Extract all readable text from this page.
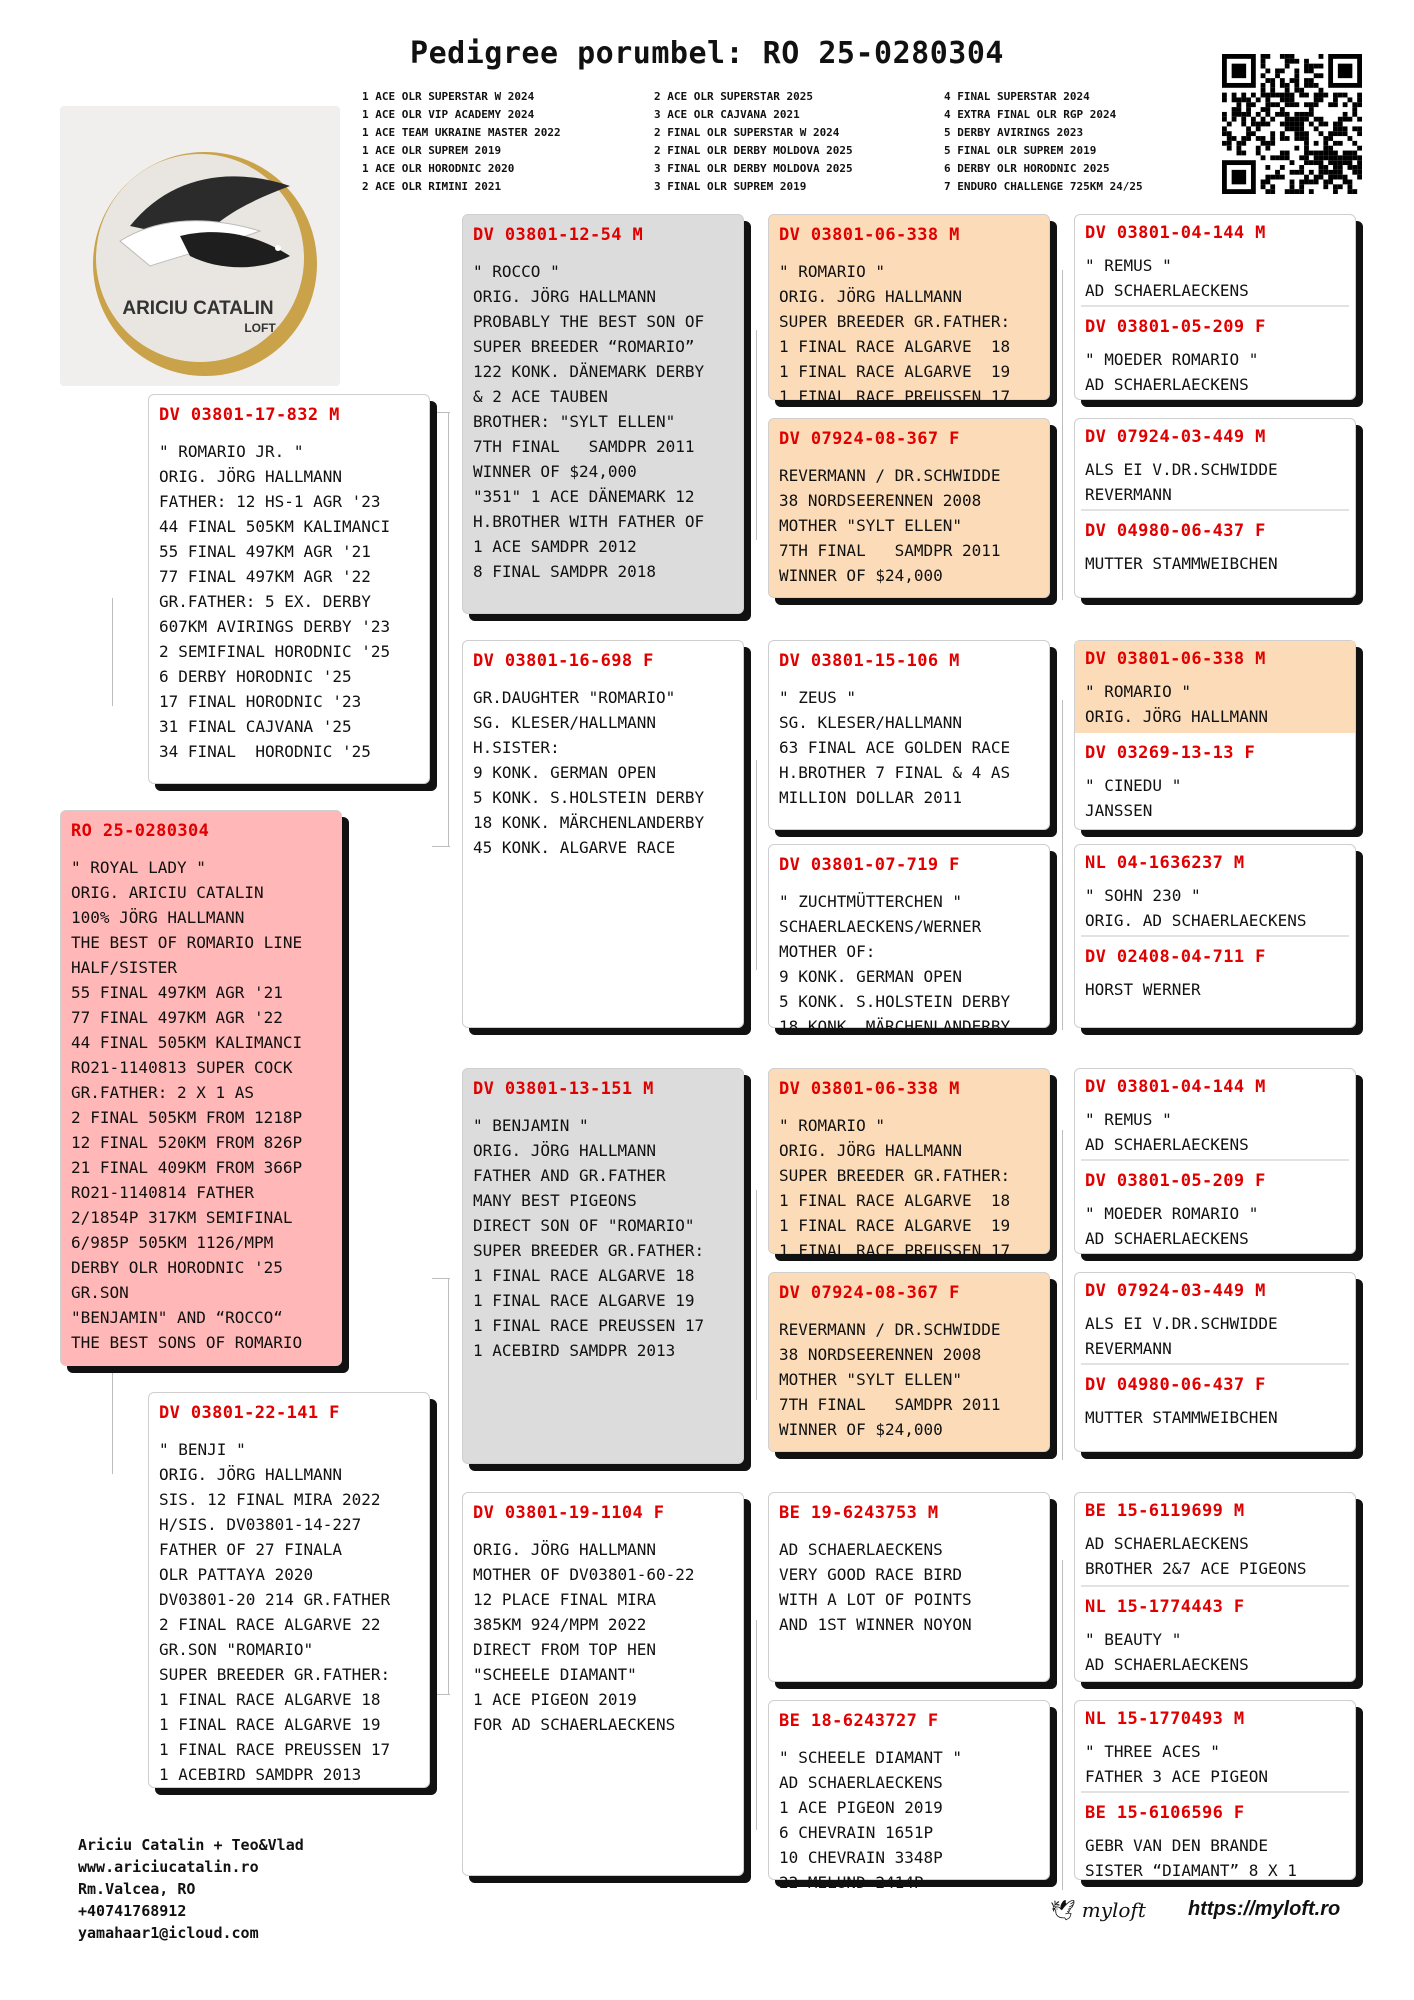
Pedigree porumbel: RO 25-0280304
1 ACE OLR SUPERSTAR W 2024
1 ACE OLR VIP ACADEMY 2024
1 ACE TEAM UKRAINE MASTER 2022
1 ACE OLR SUPREM 2019
1 ACE OLR HORODNIC 2020
2 ACE OLR RIMINI 2021
2 ACE OLR SUPERSTAR 2025
3 ACE OLR CAJVANA 2021
2 FINAL OLR SUPERSTAR W 2024
2 FINAL OLR DERBY MOLDOVA 2025
3 FINAL OLR DERBY MOLDOVA 2025
3 FINAL OLR SUPREM 2019
4 FINAL SUPERSTAR 2024
4 EXTRA FINAL OLR RGP 2024
5 DERBY AVIRINGS 2023
5 FINAL OLR SUPREM 2019
6 DERBY OLR HORODNIC 2025
7 ENDURO CHALLENGE 725KM 24/25
ARICIU CATALIN
LOFT
RO 25-0280304
" ROYAL LADY "
ORIG. ARICIU CATALIN
100% JÖRG HALLMANN
THE BEST OF ROMARIO LINE
HALF/SISTER
55 FINAL 497KM AGR '21
77 FINAL 497KM AGR '22
44 FINAL 505KM KALIMANCI
RO21-1140813 SUPER COCK
GR.FATHER: 2 X 1 AS
2 FINAL 505KM FROM 1218P
12 FINAL 520KM FROM 826P
21 FINAL 409KM FROM 366P
RO21-1140814 FATHER
2/1854P 317KM SEMIFINAL
6/985P 505KM 1126/MPM
DERBY OLR HORODNIC '25
GR.SON
"BENJAMIN" AND “ROCCO“
THE BEST SONS OF ROMARIO
DV 03801-17-832 M
" ROMARIO JR. "
ORIG. JÖRG HALLMANN
FATHER: 12 HS-1 AGR '23
44 FINAL 505KM KALIMANCI
55 FINAL 497KM AGR '21
77 FINAL 497KM AGR '22
GR.FATHER: 5 EX. DERBY
607KM AVIRINGS DERBY '23
2 SEMIFINAL HORODNIC '25
6 DERBY HORODNIC '25
17 FINAL HORODNIC '23
31 FINAL CAJVANA '25
34 FINAL  HORODNIC '25
DV 03801-22-141 F
" BENJI "
ORIG. JÖRG HALLMANN
SIS. 12 FINAL MIRA 2022
H/SIS. DV03801-14-227
FATHER OF 27 FINALA
OLR PATTAYA 2020
DV03801-20 214 GR.FATHER
2 FINAL RACE ALGARVE 22
GR.SON "ROMARIO"
SUPER BREEDER GR.FATHER:
1 FINAL RACE ALGARVE 18
1 FINAL RACE ALGARVE 19
1 FINAL RACE PREUSSEN 17
1 ACEBIRD SAMDPR 2013
DV 03801-12-54 M
" ROCCO "
ORIG. JÖRG HALLMANN
PROBABLY THE BEST SON OF
SUPER BREEDER “ROMARIO”
122 KONK. DÄNEMARK DERBY
& 2 ACE TAUBEN
BROTHER: "SYLT ELLEN"
7TH FINAL   SAMDPR 2011
WINNER OF $24,000
"351" 1 ACE DÄNEMARK 12
H.BROTHER WITH FATHER OF
1 ACE SAMDPR 2012
8 FINAL SAMDPR 2018
DV 03801-16-698 F
GR.DAUGHTER "ROMARIO"
SG. KLESER/HALLMANN
H.SISTER:
9 KONK. GERMAN OPEN
5 KONK. S.HOLSTEIN DERBY
18 KONK. MÄRCHENLANDERBY
45 KONK. ALGARVE RACE
DV 03801-13-151 M
" BENJAMIN "
ORIG. JÖRG HALLMANN
FATHER AND GR.FATHER
MANY BEST PIGEONS
DIRECT SON OF "ROMARIO"
SUPER BREEDER GR.FATHER:
1 FINAL RACE ALGARVE 18
1 FINAL RACE ALGARVE 19
1 FINAL RACE PREUSSEN 17
1 ACEBIRD SAMDPR 2013
DV 03801-19-1104 F
ORIG. JÖRG HALLMANN
MOTHER OF DV03801-60-22
12 PLACE FINAL MIRA
385KM 924/MPM 2022
DIRECT FROM TOP HEN
"SCHEELE DIAMANT"
1 ACE PIGEON 2019
FOR AD SCHAERLAECKENS
DV 03801-06-338 M
" ROMARIO "
ORIG. JÖRG HALLMANN
SUPER BREEDER GR.FATHER:
1 FINAL RACE ALGARVE  18
1 FINAL RACE ALGARVE  19
1 FINAL RACE PREUSSEN 17
DV 07924-08-367 F
REVERMANN / DR.SCHWIDDE
38 NORDSEERENNEN 2008
MOTHER "SYLT ELLEN"
7TH FINAL   SAMDPR 2011
WINNER OF $24,000
DV 03801-15-106 M
" ZEUS "
SG. KLESER/HALLMANN
63 FINAL ACE GOLDEN RACE
H.BROTHER 7 FINAL & 4 AS
MILLION DOLLAR 2011
DV 03801-07-719 F
" ZUCHTMÜTTERCHEN "
SCHAERLAECKENS/WERNER
MOTHER OF:
9 KONK. GERMAN OPEN
5 KONK. S.HOLSTEIN DERBY
18 KONK. MÄRCHENLANDERBY
DV 03801-06-338 M
" ROMARIO "
ORIG. JÖRG HALLMANN
SUPER BREEDER GR.FATHER:
1 FINAL RACE ALGARVE  18
1 FINAL RACE ALGARVE  19
1 FINAL RACE PREUSSEN 17
DV 07924-08-367 F
REVERMANN / DR.SCHWIDDE
38 NORDSEERENNEN 2008
MOTHER "SYLT ELLEN"
7TH FINAL   SAMDPR 2011
WINNER OF $24,000
BE 19-6243753 M
AD SCHAERLAECKENS
VERY GOOD RACE BIRD
WITH A LOT OF POINTS
AND 1ST WINNER NOYON
BE 18-6243727 F
" SCHEELE DIAMANT "
AD SCHAERLAECKENS
1 ACE PIGEON 2019
6 CHEVRAIN 1651P
10 CHEVRAIN 3348P
22 MELUND 2414P
DV 03801-04-144 M
" REMUS "
AD SCHAERLAECKENS
DV 03801-05-209 F
" MOEDER ROMARIO "
AD SCHAERLAECKENS
DV 07924-03-449 M
ALS EI V.DR.SCHWIDDE
REVERMANN
DV 04980-06-437 F
MUTTER STAMMWEIBCHEN
DV 03801-06-338 M
" ROMARIO "
ORIG. JÖRG HALLMANN
DV 03269-13-13 F
" CINEDU "
JANSSEN
NL 04-1636237 M
" SOHN 230 "
ORIG. AD SCHAERLAECKENS
DV 02408-04-711 F
HORST WERNER
DV 03801-04-144 M
" REMUS "
AD SCHAERLAECKENS
DV 03801-05-209 F
" MOEDER ROMARIO "
AD SCHAERLAECKENS
DV 07924-03-449 M
ALS EI V.DR.SCHWIDDE
REVERMANN
DV 04980-06-437 F
MUTTER STAMMWEIBCHEN
BE 15-6119699 M
AD SCHAERLAECKENS
BROTHER 2&7 ACE PIGEONS
NL 15-1774443 F
" BEAUTY "
AD SCHAERLAECKENS
NL 15-1770493 M
" THREE ACES "
FATHER 3 ACE PIGEON
BE 15-6106596 F
GEBR VAN DEN BRANDE
SISTER “DIAMANT” 8 X 1
Ariciu Catalin + Teo&Vlad
www.ariciucatalin.ro
Rm.Valcea, RO
+40741768912
yamahaar1@icloud.com
🕊 myloft https://myloft.ro
